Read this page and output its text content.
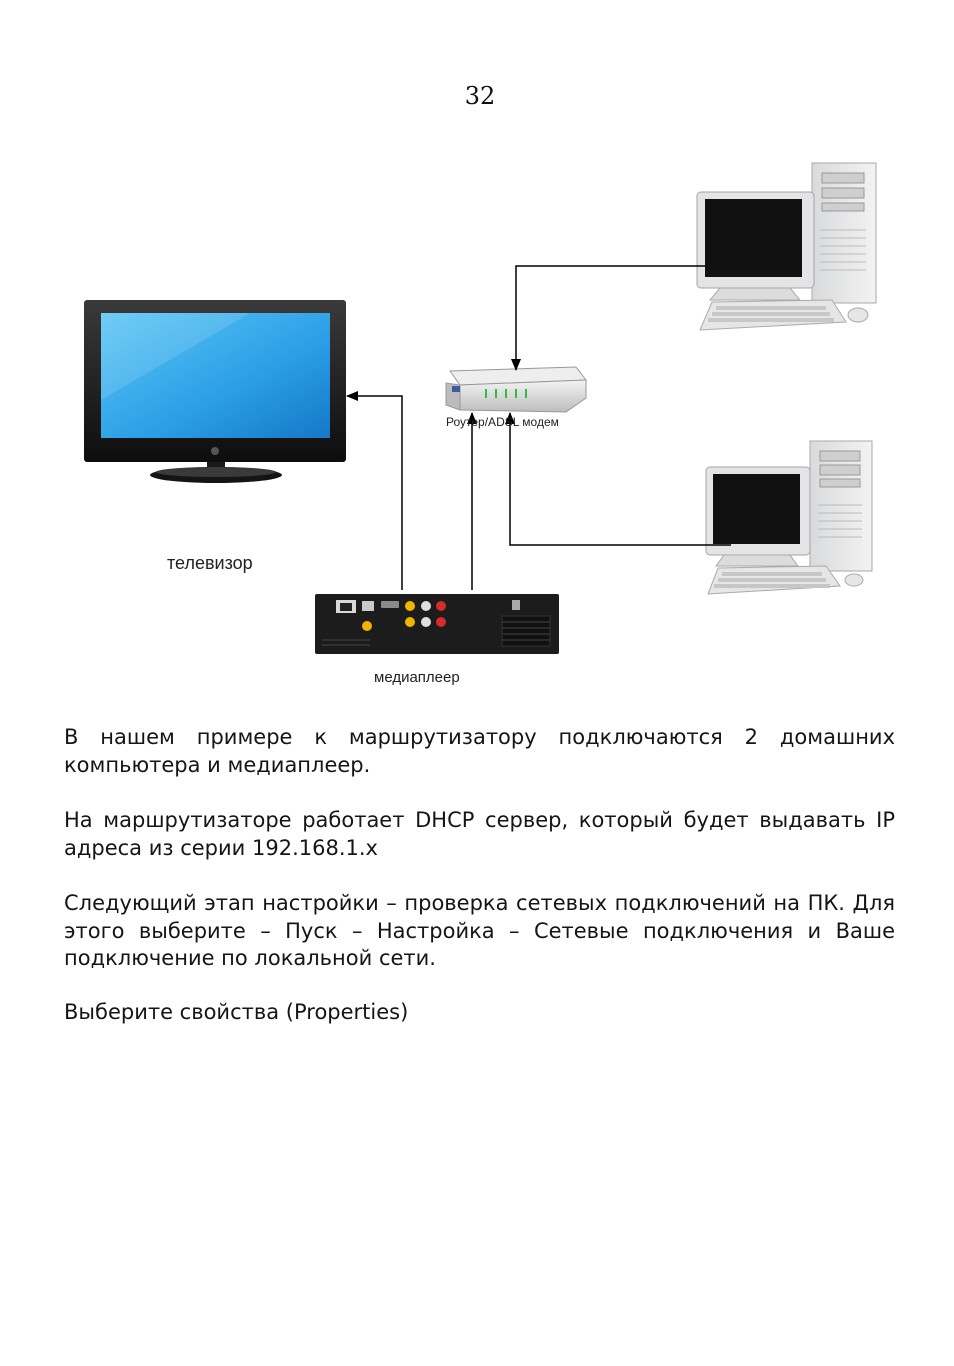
32
телевизор
Роутер/ADSL модем
медиаплеер

В нашем примере к маршрутизатору подключаются 2 домашних компьютера и медиаплеер.

На маршрутизаторе работает DHCP сервер, который будет выдавать IP адреса из серии 192.168.1.x

Следующий этап настройки – проверка сетевых подключений на ПК. Для этого выберите – Пуск – Настройка – Сетевые подключения и Ваше подключение по локальной сети.

Выберите свойства (Properties)
